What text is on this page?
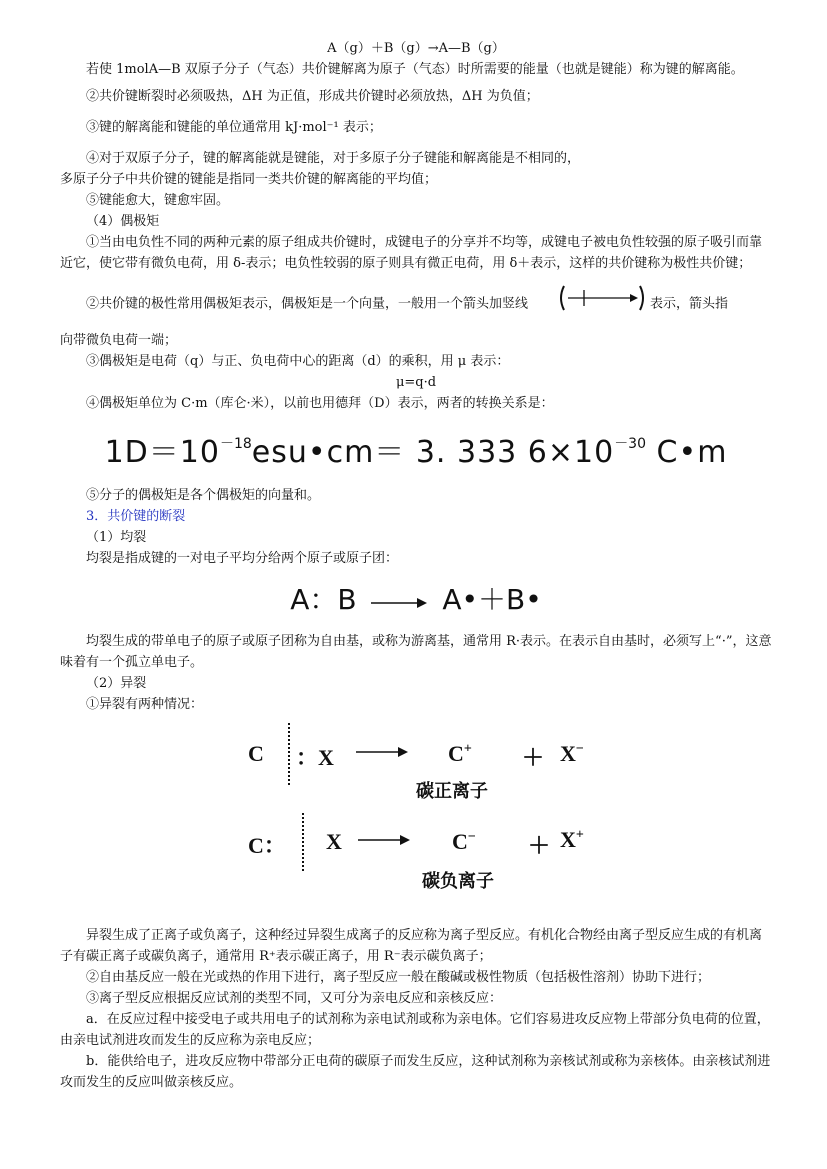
A（g）＋B（g）→A—B（g）

若使 1molA—B 双原子分子（气态）共价键解离为原子（气态）时所需要的能量（也就是键能）称为键的解离能。

②共价键断裂时必须吸热，ΔH 为正值，形成共价键时必须放热，ΔH 为负值；

③键的解离能和键能的单位通常用 kJ·mol⁻¹ 表示；

④对于双原子分子，键的解离能就是键能，对于多原子分子键能和解离能是不相同的，

多原子分子中共价键的键能是指同一类共价键的解离能的平均值；

⑤键能愈大，键愈牢固。

（4）偶极矩

①当由电负性不同的两种元素的原子组成共价键时，成键电子的分享并不均等，成键电子被电负性较强的原子吸引而靠近它，使它带有微负电荷，用 δ-表示；电负性较弱的原子则具有微正电荷，用 δ＋表示，这样的共价键称为极性共价键；

②共价键的极性常用偶极矩表示，偶极矩是一个向量，一般用一个箭头加竖线	表示，箭头指

向带微负电荷一端；

③偶极矩是电荷（q）与正、负电荷中心的距离（d）的乘积，用 μ 表示：

μ=q·d

④偶极矩单位为 C·m（库仑·米），以前也用德拜（D）表示，两者的转换关系是：

$1D=10^{-18}esu•cm= 3$. 333 $6\times 10^{-30}$ C•m

⑤分子的偶极矩是各个偶极矩的向量和。

3．共价键的断裂

（1）均裂

均裂是指成键的一对电子平均分给两个原子或原子团：

A：B → A•＋B•

均裂生成的带单电子的原子或原子团称为自由基，或称为游离基，通常用 R·表示。在表示自由基时，必须写上“·”，这意味着有一个孤立单电子。

（2）异裂

①异裂有两种情况：

C	：X	C+	＋ X−
碳正离子
C：	X	→ C−	＋ X+
碳负离子

异裂生成了正离子或负离子，这种经过异裂生成离子的反应称为离子型反应。有机化合物经由离子型反应生成的有机离子有碳正离子或碳负离子，通常用 R⁺表示碳正离子，用 R⁻表示碳负离子；

②自由基反应一般在光或热的作用下进行，离子型反应一般在酸碱或极性物质（包括极性溶剂）协助下进行；

③离子型反应根据反应试剂的类型不同，又可分为亲电反应和亲核反应：

a．在反应过程中接受电子或共用电子的试剂称为亲电试剂或称为亲电体。它们容易进攻反应物上带部分负电荷的位置，由亲电试剂进攻而发生的反应称为亲电反应；

b．能供给电子，进攻反应物中带部分正电荷的碳原子而发生反应，这种试剂称为亲核试剂或称为亲核体。由亲核试剂进攻而发生的反应叫做亲核反应。
